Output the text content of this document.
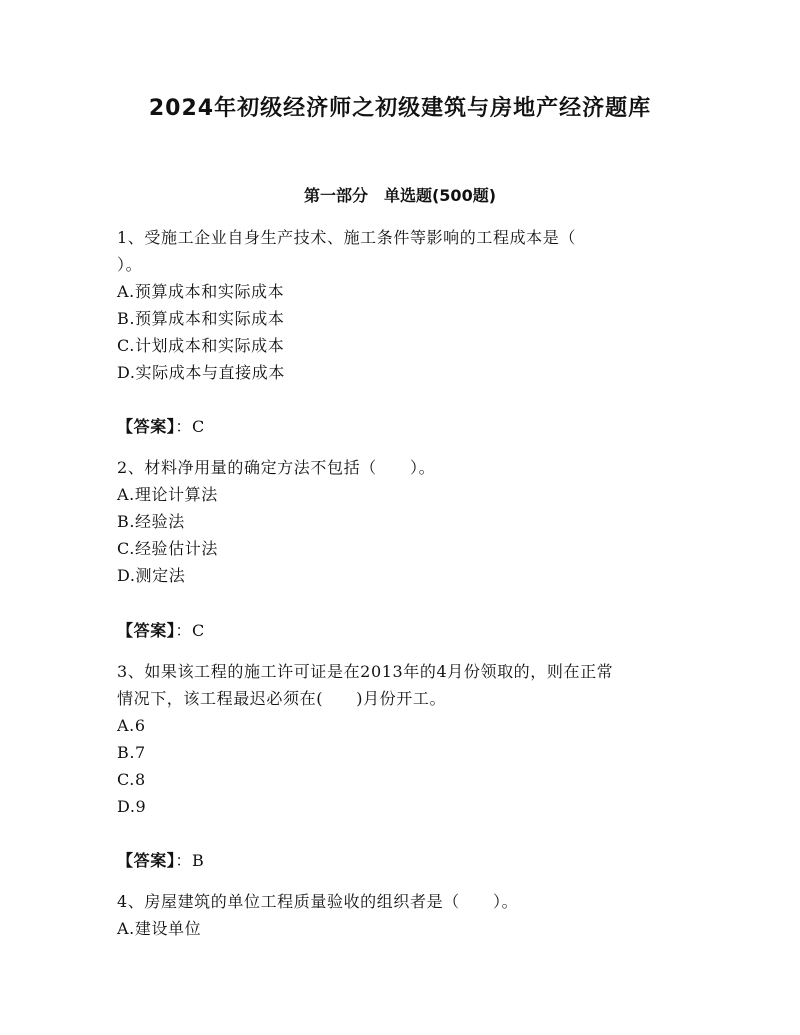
2024年初级经济师之初级建筑与房地产经济题库
第一部分　单选题(500题)
1、受施工企业自身生产技术、施工条件等影响的工程成本是（
）。
A.预算成本和实际成本
B.预算成本和实际成本
C.计划成本和实际成本
D.实际成本与直接成本
【答案】：C
2、材料净用量的确定方法不包括（　　）。
A.理论计算法
B.经验法
C.经验估计法
D.测定法
【答案】：C
3、如果该工程的施工许可证是在2013年的4月份领取的，则在正常
情况下，该工程最迟必须在(　　)月份开工。
A.6
B.7
C.8
D.9
【答案】：B
4、房屋建筑的单位工程质量验收的组织者是（　　）。
A.建设单位
